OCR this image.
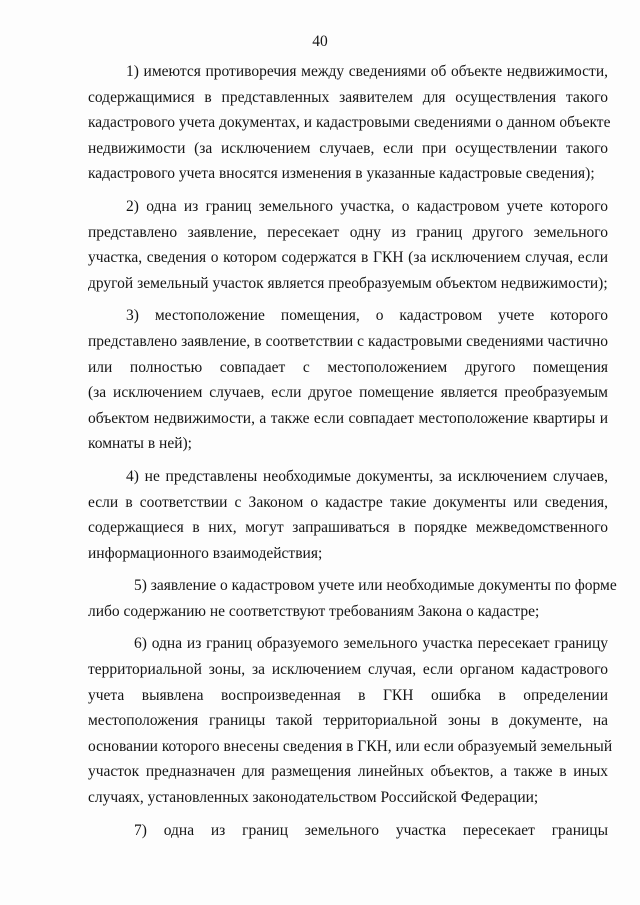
40
1) имеются противоречия между сведениями об объекте недвижимости,
содержащимися в представленных заявителем для осуществления такого
кадастрового учета документах, и кадастровыми сведениями о данном объекте
недвижимости (за исключением случаев, если при осуществлении такого
кадастрового учета вносятся изменения в указанные кадастровые сведения);
2) одна из границ земельного участка, о кадастровом учете которого
представлено заявление, пересекает одну из границ другого земельного
участка, сведения о котором содержатся в ГКН (за исключением случая, если
другой земельный участок является преобразуемым объектом недвижимости);
3) местоположение помещения, о кадастровом учете которого
представлено заявление, в соответствии с кадастровыми сведениями частично
или полностью совпадает с местоположением другого помещения
(за исключением случаев, если другое помещение является преобразуемым
объектом недвижимости, а также если совпадает местоположение квартиры и
комнаты в ней);
4) не представлены необходимые документы, за исключением случаев,
если в соответствии с Законом о кадастре такие документы или сведения,
содержащиеся в них, могут запрашиваться в порядке межведомственного
информационного взаимодействия;
5) заявление о кадастровом учете или необходимые документы по форме
либо содержанию не соответствуют требованиям Закона о кадастре;
6) одна из границ образуемого земельного участка пересекает границу
территориальной зоны, за исключением случая, если органом кадастрового
учета выявлена воспроизведенная в ГКН ошибка в определении
местоположения границы такой территориальной зоны в документе, на
основании которого внесены сведения в ГКН, или если образуемый земельный
участок предназначен для размещения линейных объектов, а также в иных
случаях, установленных законодательством Российской Федерации;
7) одна из границ земельного участка пересекает границы
